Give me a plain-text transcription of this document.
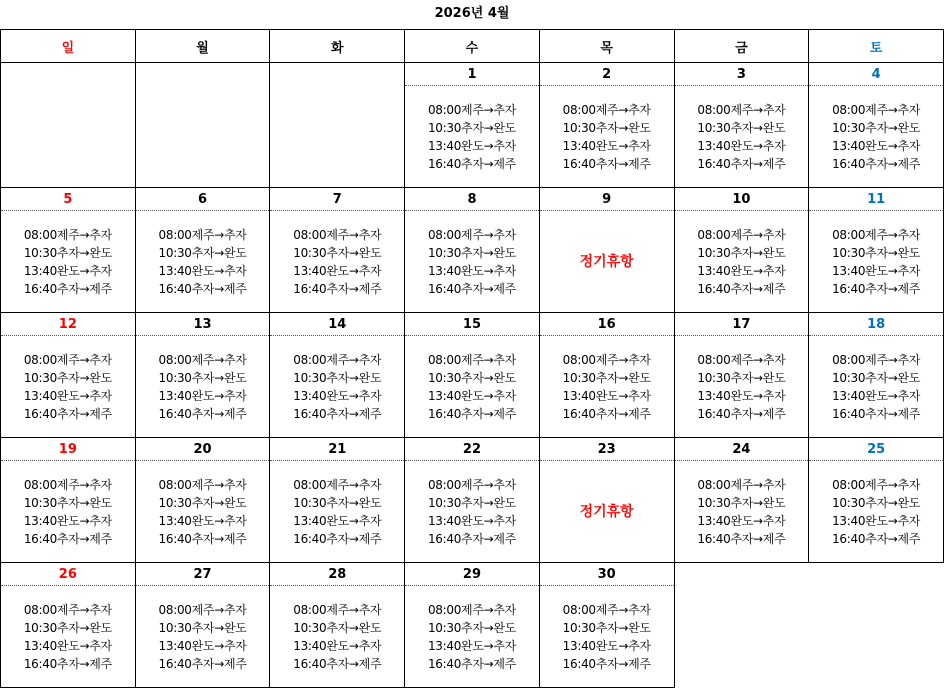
2026년 4월
일	월	화	수	목	금	토
			1	2	3	4

			08:00제주→추자
10:30추자→완도
13:40완도→추자
16:40추자→제주	08:00제주→추자
10:30추자→완도
13:40완도→추자
16:40추자→제주	08:00제주→추자
10:30추자→완도
13:40완도→추자
16:40추자→제주	08:00제주→추자
10:30추자→완도
13:40완도→추자
16:40추자→제주

5	6	7	8	9	10	11

08:00제주→추자
10:30추자→완도
13:40완도→추자
16:40추자→제주	08:00제주→추자
10:30추자→완도
13:40완도→추자
16:40추자→제주	08:00제주→추자
10:30추자→완도
13:40완도→추자
16:40추자→제주	08:00제주→추자
10:30추자→완도
13:40완도→추자
16:40추자→제주	정기휴항	08:00제주→추자
10:30추자→완도
13:40완도→추자
16:40추자→제주	08:00제주→추자
10:30추자→완도
13:40완도→추자
16:40추자→제주

12	13	14	15	16	17	18

08:00제주→추자
10:30추자→완도
13:40완도→추자
16:40추자→제주	08:00제주→추자
10:30추자→완도
13:40완도→추자
16:40추자→제주	08:00제주→추자
10:30추자→완도
13:40완도→추자
16:40추자→제주	08:00제주→추자
10:30추자→완도
13:40완도→추자
16:40추자→제주	08:00제주→추자
10:30추자→완도
13:40완도→추자
16:40추자→제주	08:00제주→추자
10:30추자→완도
13:40완도→추자
16:40추자→제주	08:00제주→추자
10:30추자→완도
13:40완도→추자
16:40추자→제주

19	20	21	22	23	24	25

08:00제주→추자
10:30추자→완도
13:40완도→추자
16:40추자→제주	08:00제주→추자
10:30추자→완도
13:40완도→추자
16:40추자→제주	08:00제주→추자
10:30추자→완도
13:40완도→추자
16:40추자→제주	08:00제주→추자
10:30추자→완도
13:40완도→추자
16:40추자→제주	정기휴항	08:00제주→추자
10:30추자→완도
13:40완도→추자
16:40추자→제주	08:00제주→추자
10:30추자→완도
13:40완도→추자
16:40추자→제주

26	27	28	29	30		

08:00제주→추자
10:30추자→완도
13:40완도→추자
16:40추자→제주	08:00제주→추자
10:30추자→완도
13:40완도→추자
16:40추자→제주	08:00제주→추자
10:30추자→완도
13:40완도→추자
16:40추자→제주	08:00제주→추자
10:30추자→완도
13:40완도→추자
16:40추자→제주	08:00제주→추자
10:30추자→완도
13:40완도→추자
16:40추자→제주		
